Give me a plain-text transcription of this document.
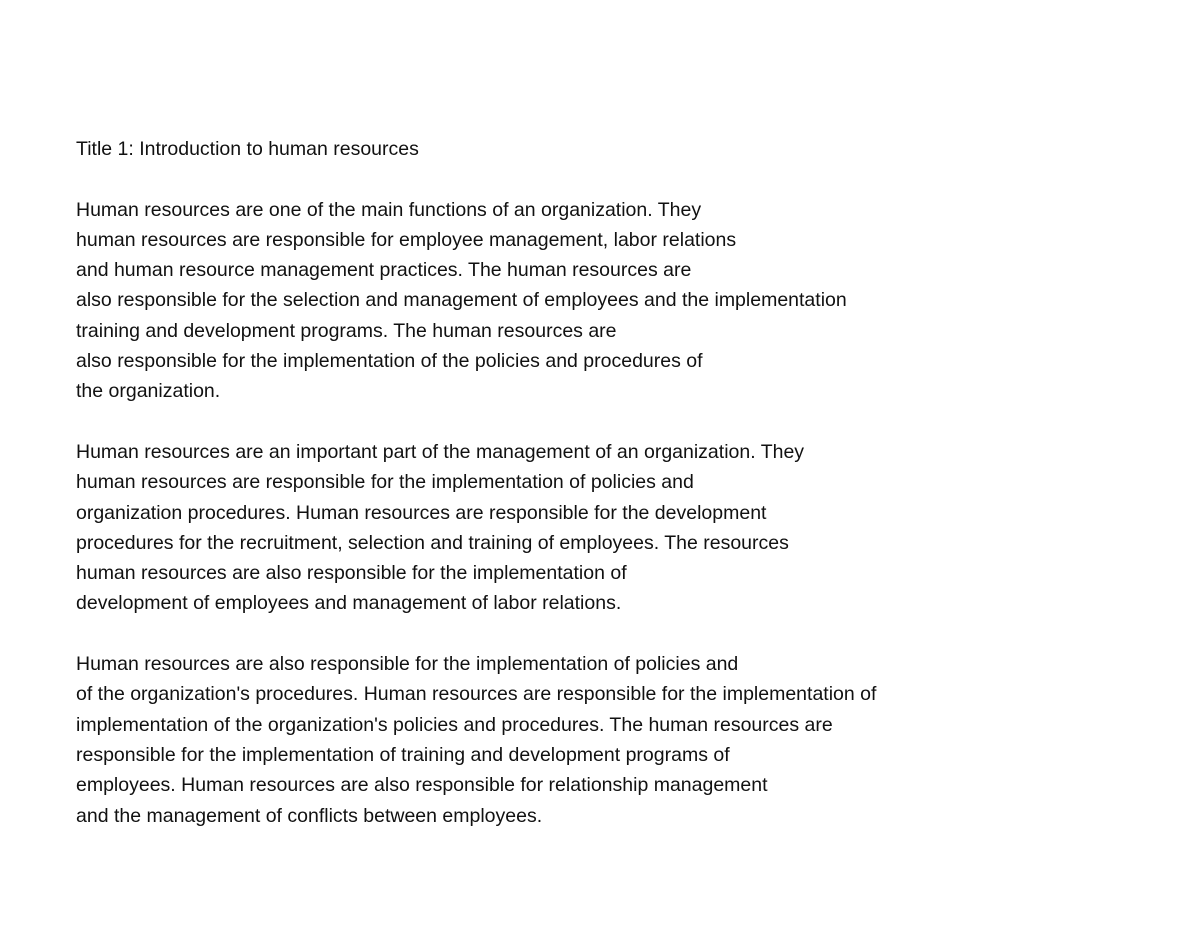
Title 1: Introduction to human resources
Human resources are one of the main functions of an organization. They
human resources are responsible for employee management, labor relations
and human resource management practices. The human resources are
also responsible for the selection and management of employees and the implementation
training and development programs. The human resources are
also responsible for the implementation of the policies and procedures of
the organization.
Human resources are an important part of the management of an organization. They
human resources are responsible for the implementation of policies and
organization procedures. Human resources are responsible for the development
procedures for the recruitment, selection and training of employees. The resources
human resources are also responsible for the implementation of
development of employees and management of labor relations.
Human resources are also responsible for the implementation of policies and
of the organization's procedures. Human resources are responsible for the implementation of
implementation of the organization's policies and procedures. The human resources are
responsible for the implementation of training and development programs of
employees. Human resources are also responsible for relationship management
and the management of conflicts between employees.
